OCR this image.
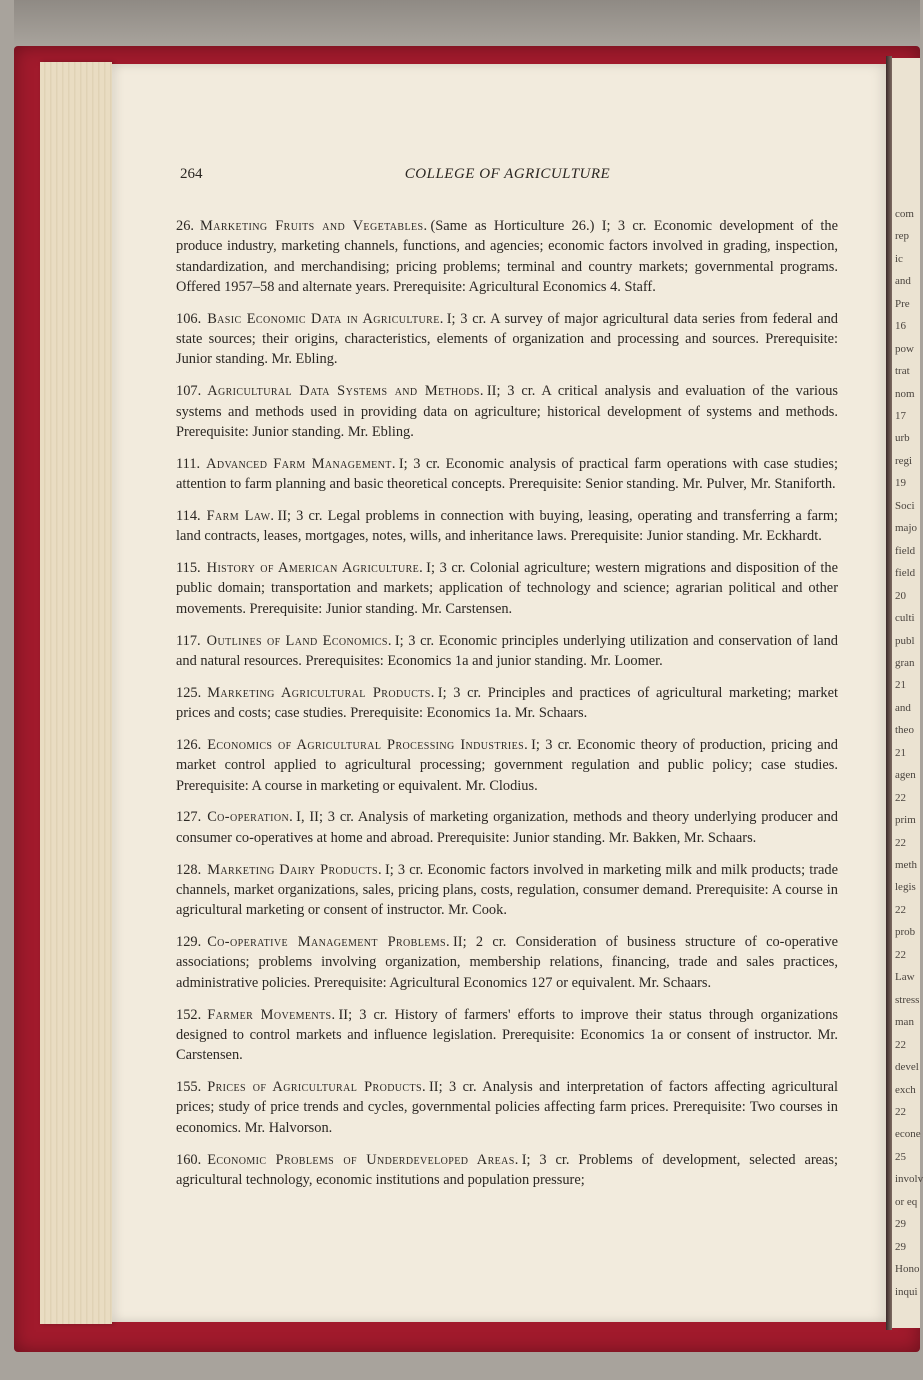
com
rep
ic
and
Pre
16
pow
trat
nom
17
urb
regi
19
Soci
majo
field
field
20
culti
publ
gran
21
and
theo
21
agen
22
prim
22
meth
legis
22
prob
22
Law
stress
man
22
devel
exch
22
econe
25
involv
or eq
29
29
Hono
inqui
264	COLLEGE OF AGRICULTURE

26. Marketing Fruits and Vegetables. (Same as Horticulture 26.) I; 3 cr. Economic development of the produce industry, marketing channels, functions, and agencies; economic factors involved in grading, inspection, standardization, and merchandising; pricing problems; terminal and country markets; governmental programs. Offered 1957–58 and alternate years. Prerequisite: Agricultural Economics 4. Staff.

106. Basic Economic Data in Agriculture. I; 3 cr. A survey of major agricultural data series from federal and state sources; their origins, characteristics, elements of organization and processing and sources. Prerequisite: Junior standing. Mr. Ebling.

107. Agricultural Data Systems and Methods. II; 3 cr. A critical analysis and evaluation of the various systems and methods used in providing data on agriculture; historical development of systems and methods. Prerequisite: Junior standing. Mr. Ebling.

111. Advanced Farm Management. I; 3 cr. Economic analysis of practical farm operations with case studies; attention to farm planning and basic theoretical concepts. Prerequisite: Senior standing. Mr. Pulver, Mr. Staniforth.

114. Farm Law. II; 3 cr. Legal problems in connection with buying, leasing, operating and transferring a farm; land contracts, leases, mortgages, notes, wills, and inheritance laws. Prerequisite: Junior standing. Mr. Eckhardt.

115. History of American Agriculture. I; 3 cr. Colonial agriculture; western migrations and disposition of the public domain; transportation and markets; application of technology and science; agrarian political and other movements. Prerequisite: Junior standing. Mr. Carstensen.

117. Outlines of Land Economics. I; 3 cr. Economic principles underlying utilization and conservation of land and natural resources. Prerequisites: Economics 1a and junior standing. Mr. Loomer.

125. Marketing Agricultural Products. I; 3 cr. Principles and practices of agricultural marketing; market prices and costs; case studies. Prerequisite: Economics 1a. Mr. Schaars.

126. Economics of Agricultural Processing Industries. I; 3 cr. Economic theory of production, pricing and market control applied to agricultural processing; government regulation and public policy; case studies. Prerequisite: A course in marketing or equivalent. Mr. Clodius.

127. Co-operation. I, II; 3 cr. Analysis of marketing organization, methods and theory underlying producer and consumer co-operatives at home and abroad. Prerequisite: Junior standing. Mr. Bakken, Mr. Schaars.

128. Marketing Dairy Products. I; 3 cr. Economic factors involved in marketing milk and milk products; trade channels, market organizations, sales, pricing plans, costs, regulation, consumer demand. Prerequisite: A course in agricultural marketing or consent of instructor. Mr. Cook.

129. Co-operative Management Problems. II; 2 cr. Consideration of business structure of co-operative associations; problems involving organization, membership relations, financing, trade and sales practices, administrative policies. Prerequisite: Agricultural Economics 127 or equivalent. Mr. Schaars.

152. Farmer Movements. II; 3 cr. History of farmers' efforts to improve their status through organizations designed to control markets and influence legislation. Prerequisite: Economics 1a or consent of instructor. Mr. Carstensen.

155. Prices of Agricultural Products. II; 3 cr. Analysis and interpretation of factors affecting agricultural prices; study of price trends and cycles, governmental policies affecting farm prices. Prerequisite: Two courses in economics. Mr. Halvorson.

160. Economic Problems of Underdeveloped Areas. I; 3 cr. Problems of development, selected areas; agricultural technology, economic institutions and population pressure;
